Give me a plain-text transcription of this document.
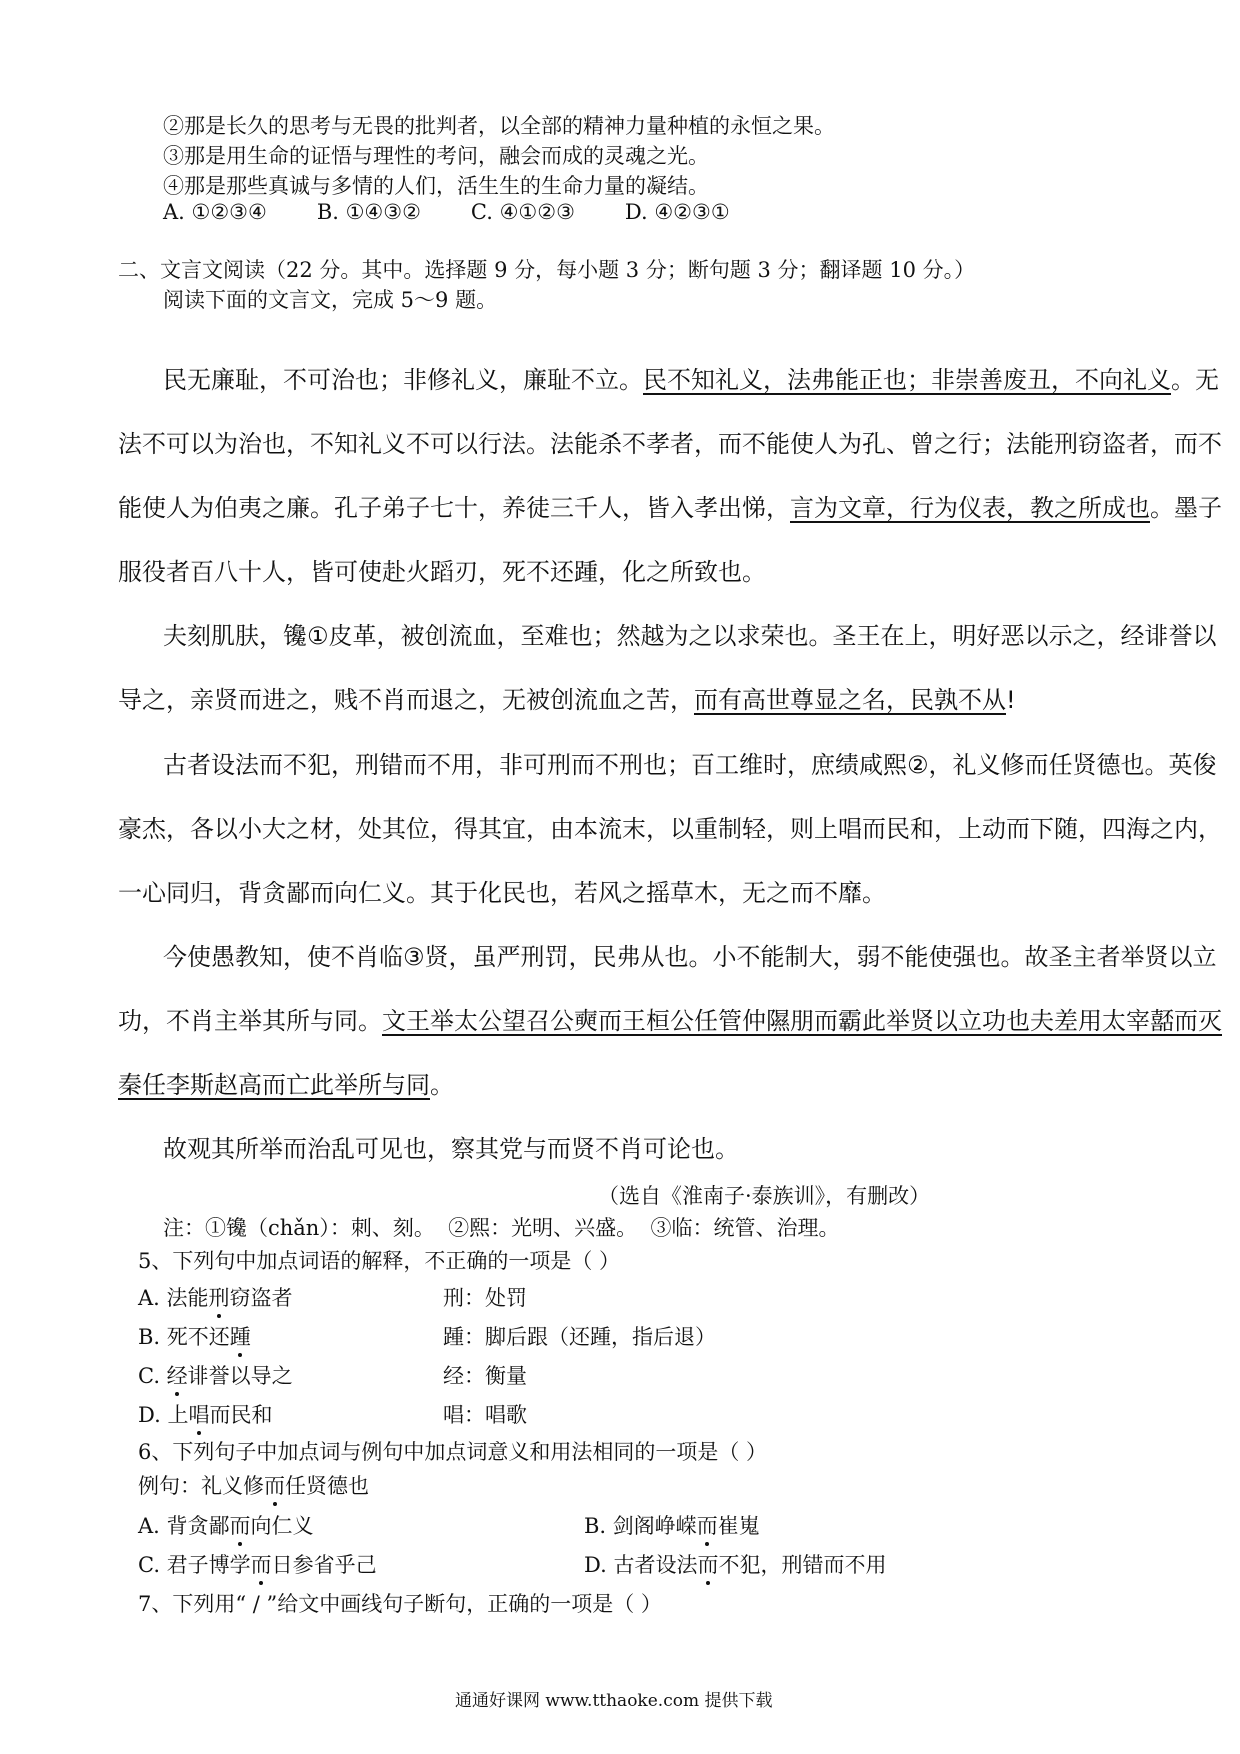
②那是长久的思考与无畏的批判者，以全部的精神力量种植的永恒之果。
③那是用生命的证悟与理性的考问，融会而成的灵魂之光。
④那是那些真诚与多情的人们，活生生的生命力量的凝结。
A. ①②③④ B. ①④③② C. ④①②③ D. ④②③①
二、文言文阅读（22 分。其中。选择题 9 分，每小题 3 分；断句题 3 分；翻译题 10 分。）
阅读下面的文言文，完成 5～9 题。
民无廉耻，不可治也；非修礼义，廉耻不立。民不知礼义，法弗能正也；非崇善废丑，不向礼义。无
法不可以为治也，不知礼义不可以行法。法能杀不孝者，而不能使人为孔、曾之行；法能刑窃盗者，而不
能使人为伯夷之廉。孔子弟子七十，养徒三千人，皆入孝出悌，言为文章，行为仪表，教之所成也。墨子
服役者百八十人，皆可使赴火蹈刃，死不还踵，化之所致也。
夫刻肌肤，镵①皮革，被创流血，至难也；然越为之以求荣也。圣王在上，明好恶以示之，经诽誉以
导之，亲贤而进之，贱不肖而退之，无被创流血之苦，而有高世尊显之名，民孰不从!
古者设法而不犯，刑错而不用，非可刑而不刑也；百工维时，庶绩咸熙②，礼义修而任贤德也。英俊
豪杰，各以小大之材，处其位，得其宜，由本流末，以重制轻，则上唱而民和，上动而下随，四海之内，
一心同归，背贪鄙而向仁义。其于化民也，若风之摇草木，无之而不靡。
今使愚教知，使不肖临③贤，虽严刑罚，民弗从也。小不能制大，弱不能使强也。故圣主者举贤以立
功，不肖主举其所与同。文王举太公望召公奭而王桓公任管仲隰朋而霸此举贤以立功也夫差用太宰嚭而灭
秦任李斯赵高而亡此举所与同。
故观其所举而治乱可见也，察其党与而贤不肖可论也。
（选自《淮南子·泰族训》，有删改）
注：①镵（chǎn）：刺、刻。  ②熙：光明、兴盛。  ③临：统管、治理。
5、下列句中加点词语的解释，不正确的一项是（ ）
A. 法能刑窃盗者	刑：处罚
B. 死不还踵	踵：脚后跟（还踵，指后退）
C. 经诽誉以导之	经：衡量
D. 上唱而民和	唱：唱歌
6、下列句子中加点词与例句中加点词意义和用法相同的一项是（ ）
例句：礼义修而任贤德也
A. 背贪鄙而向仁义	B. 剑阁峥嵘而崔嵬
C. 君子博学而日参省乎己	D. 古者设法而不犯，刑错而不用
7、下列用“ / ”给文中画线句子断句，正确的一项是（ ）
通通好课网 www.tthaoke.com 提供下载
